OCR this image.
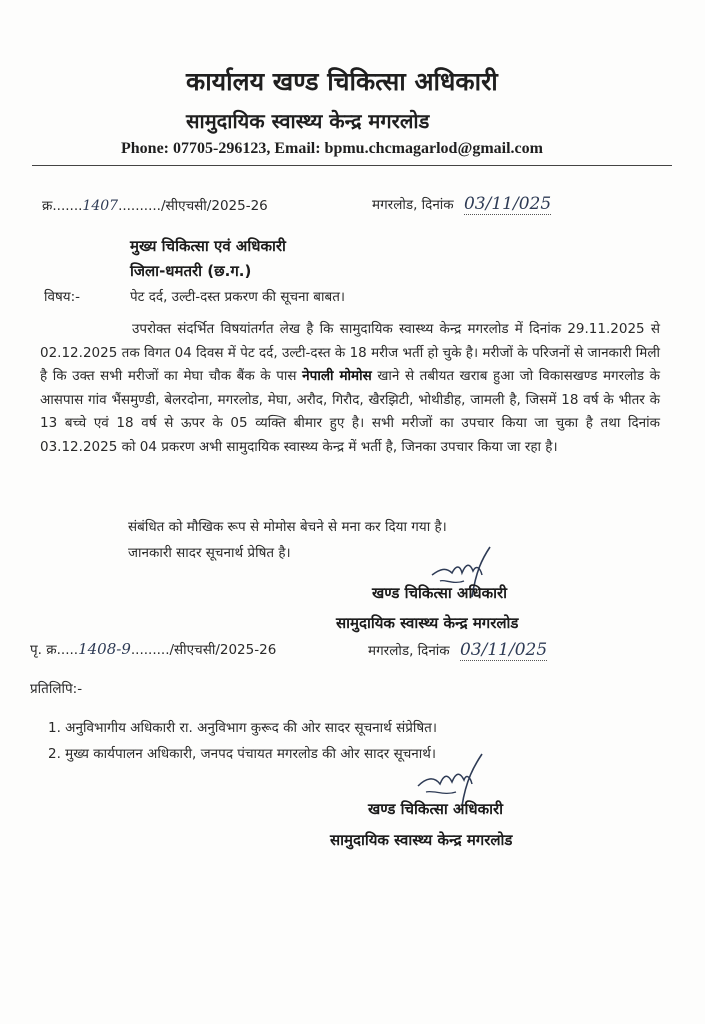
कार्यालय खण्ड चिकित्सा अधिकारी
सामुदायिक स्वास्थ्य केन्द्र मगरलोड
Phone: 07705-296123, Email: bpmu.chcmagarlod@gmail.com
क्र.......1407........../सीएचसी/2025-26	मगरलोड, दिनांक 03/11/025
मुख्य चिकित्सा एवं अधिकारी
जिला-धमतरी (छ.ग.)
विषय:-	पेट दर्द, उल्टी-दस्त प्रकरण की सूचना बाबत।
उपरोक्त संदर्भित विषयांतर्गत लेख है कि सामुदायिक स्वास्थ्य केन्द्र मगरलोड में दिनांक 29.11.2025 से 02.12.2025 तक विगत 04 दिवस में पेट दर्द, उल्टी-दस्त के 18 मरीज भर्ती हो चुके है। मरीजों के परिजनों से जानकारी मिली है कि उक्त सभी मरीजों का मेघा चौक बैंक के पास नेपाली मोमोस खाने से तबीयत खराब हुआ जो विकासखण्ड मगरलोड के आसपास गांव भैंसमुण्डी, बेलरदोना, मगरलोड, मेघा, अरौद, गिरौद, खैरझिटी, भोथीडीह, जामली है, जिसमें 18 वर्ष के भीतर के 13 बच्चे एवं 18 वर्ष से ऊपर के 05 व्यक्ति बीमार हुए है। सभी मरीजों का उपचार किया जा चुका है तथा दिनांक 03.12.2025 को 04 प्रकरण अभी सामुदायिक स्वास्थ्य केन्द्र में भर्ती है, जिनका उपचार किया जा रहा है।
संबंधित को मौखिक रूप से मोमोस बेचने से मना कर दिया गया है।
जानकारी सादर सूचनार्थ प्रेषित है।
खण्ड चिकित्सा अधिकारी
सामुदायिक स्वास्थ्य केन्द्र मगरलोड
पृ. क्र.....1408-9........./सीएचसी/2025-26	मगरलोड, दिनांक 03/11/025
प्रतिलिपि:-
1. अनुविभागीय अधिकारी रा. अनुविभाग कुरूद की ओर सादर सूचनार्थ संप्रेषित।
2. मुख्य कार्यपालन अधिकारी, जनपद पंचायत मगरलोड की ओर सादर सूचनार्थ।
खण्ड चिकित्सा अधिकारी
सामुदायिक स्वास्थ्य केन्द्र मगरलोड
